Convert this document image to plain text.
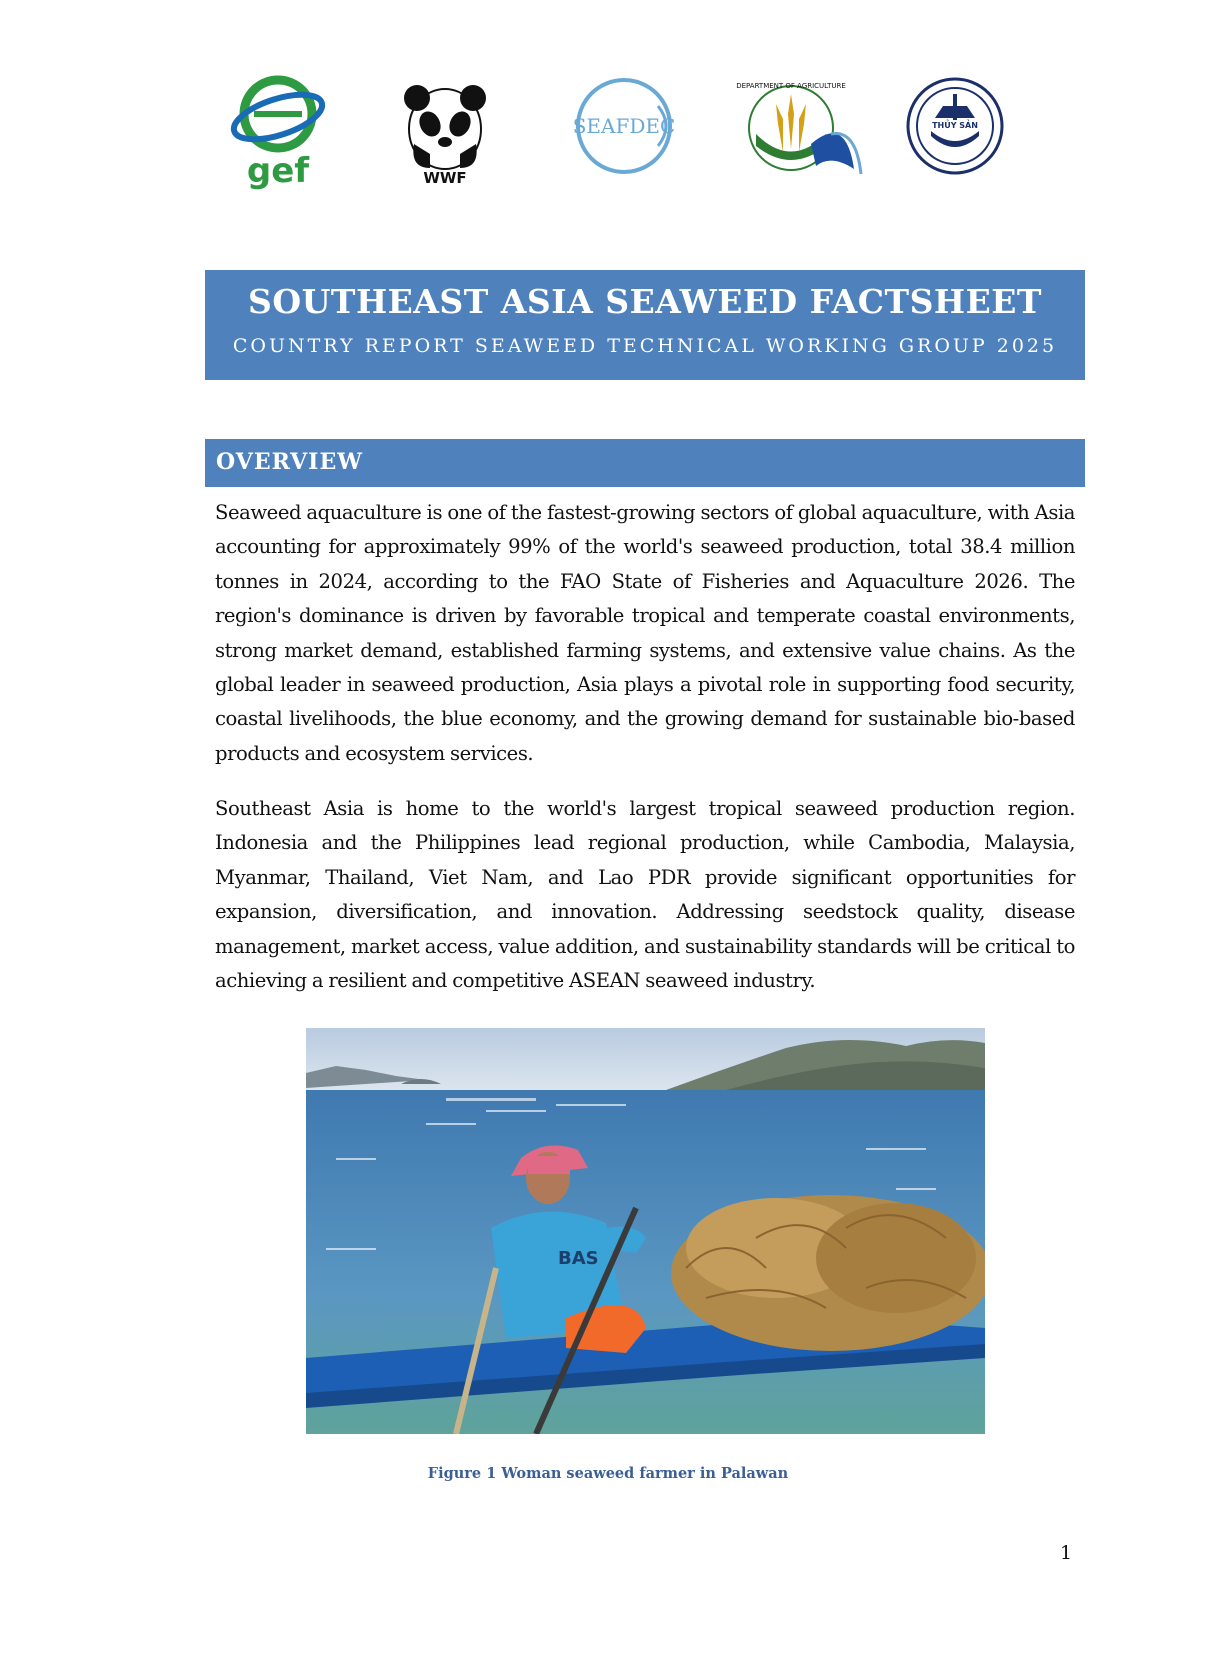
gef	WWF
SEAFDEC
DEPARTMENT OF AGRICULTURE
THỦY SẢN
SOUTHEAST ASIA SEAWEED FACTSHEET
COUNTRY REPORT SEAWEED TECHNICAL WORKING GROUP 2025
OVERVIEW
Seaweed aquaculture is one of the fastest-growing sectors of global aquaculture, with Asia accounting for approximately 99% of the world's seaweed production, total 38.4 million tonnes in 2024, according to the FAO State of Fisheries and Aquaculture 2026. The region's dominance is driven by favorable tropical and temperate coastal environments, strong market demand, established farming systems, and extensive value chains. As the global leader in seaweed production, Asia plays a pivotal role in supporting food security, coastal livelihoods, the blue economy, and the growing demand for sustainable bio-based products and ecosystem services.
Southeast Asia is home to the world's largest tropical seaweed production region. Indonesia and the Philippines lead regional production, while Cambodia, Malaysia, Myanmar, Thailand, Viet Nam, and Lao PDR provide significant opportunities for expansion, diversification, and innovation. Addressing seedstock quality, disease management, market access, value addition, and sustainability standards will be critical to achieving a resilient and competitive ASEAN seaweed industry.
BAS
Figure 1 Woman seaweed farmer in Palawan
1
